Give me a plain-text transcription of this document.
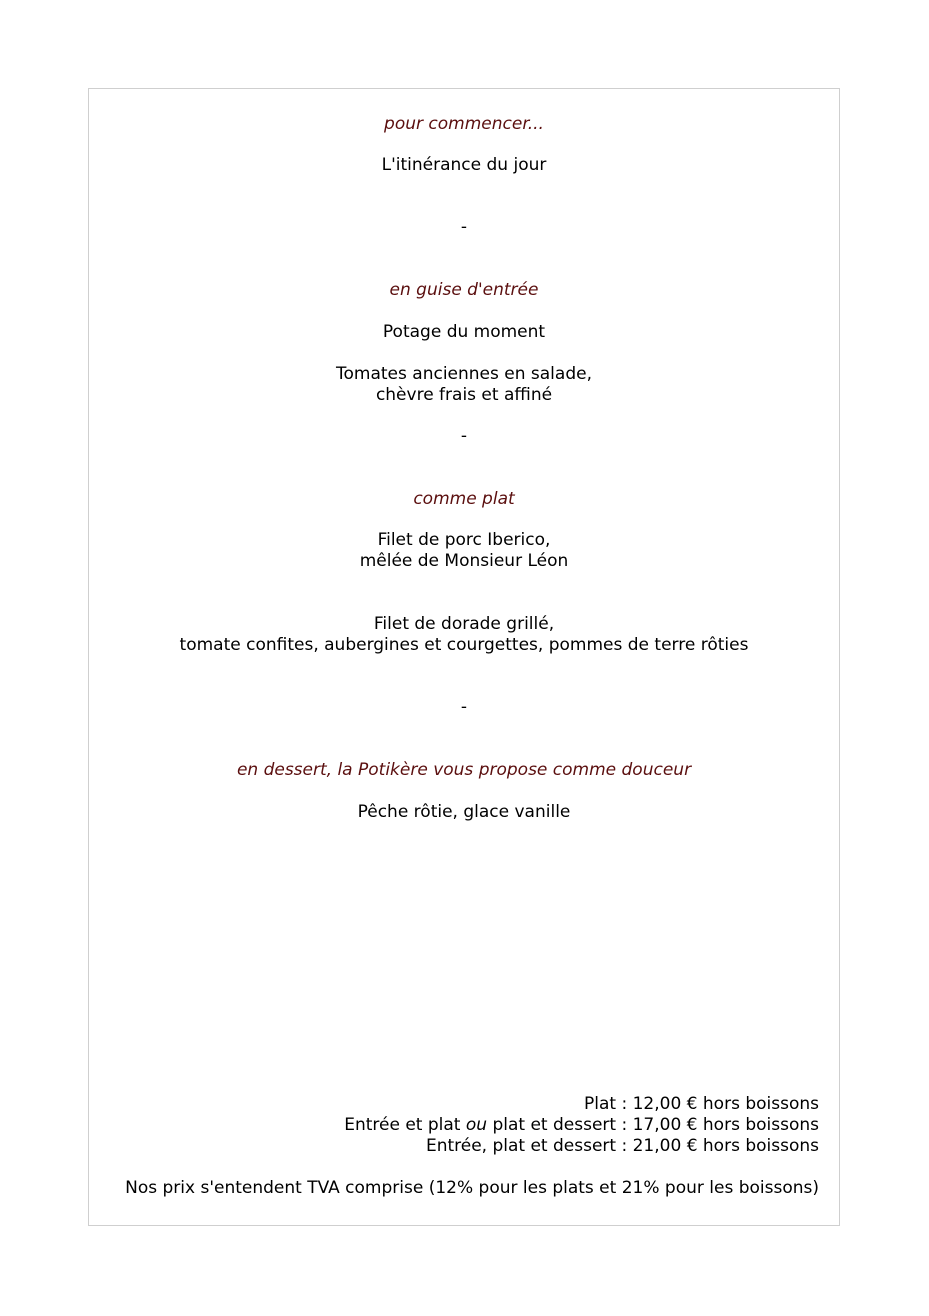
pour commencer...
L'itinérance du jour
-
en guise d'entrée
Potage du moment
Tomates anciennes en salade,
chèvre frais et affiné
-
comme plat
Filet de porc Iberico,
mêlée de Monsieur Léon
Filet de dorade grillé,
tomate confites, aubergines et courgettes, pommes de terre rôties
-
en dessert, la Potikère vous propose comme douceur
Pêche rôtie, glace vanille
Plat : 12,00 € hors boissons
Entrée et plat ou plat et dessert : 17,00 € hors boissons
Entrée, plat et dessert : 21,00 € hors boissons
Nos prix s'entendent TVA comprise (12% pour les plats et 21% pour les boissons)
